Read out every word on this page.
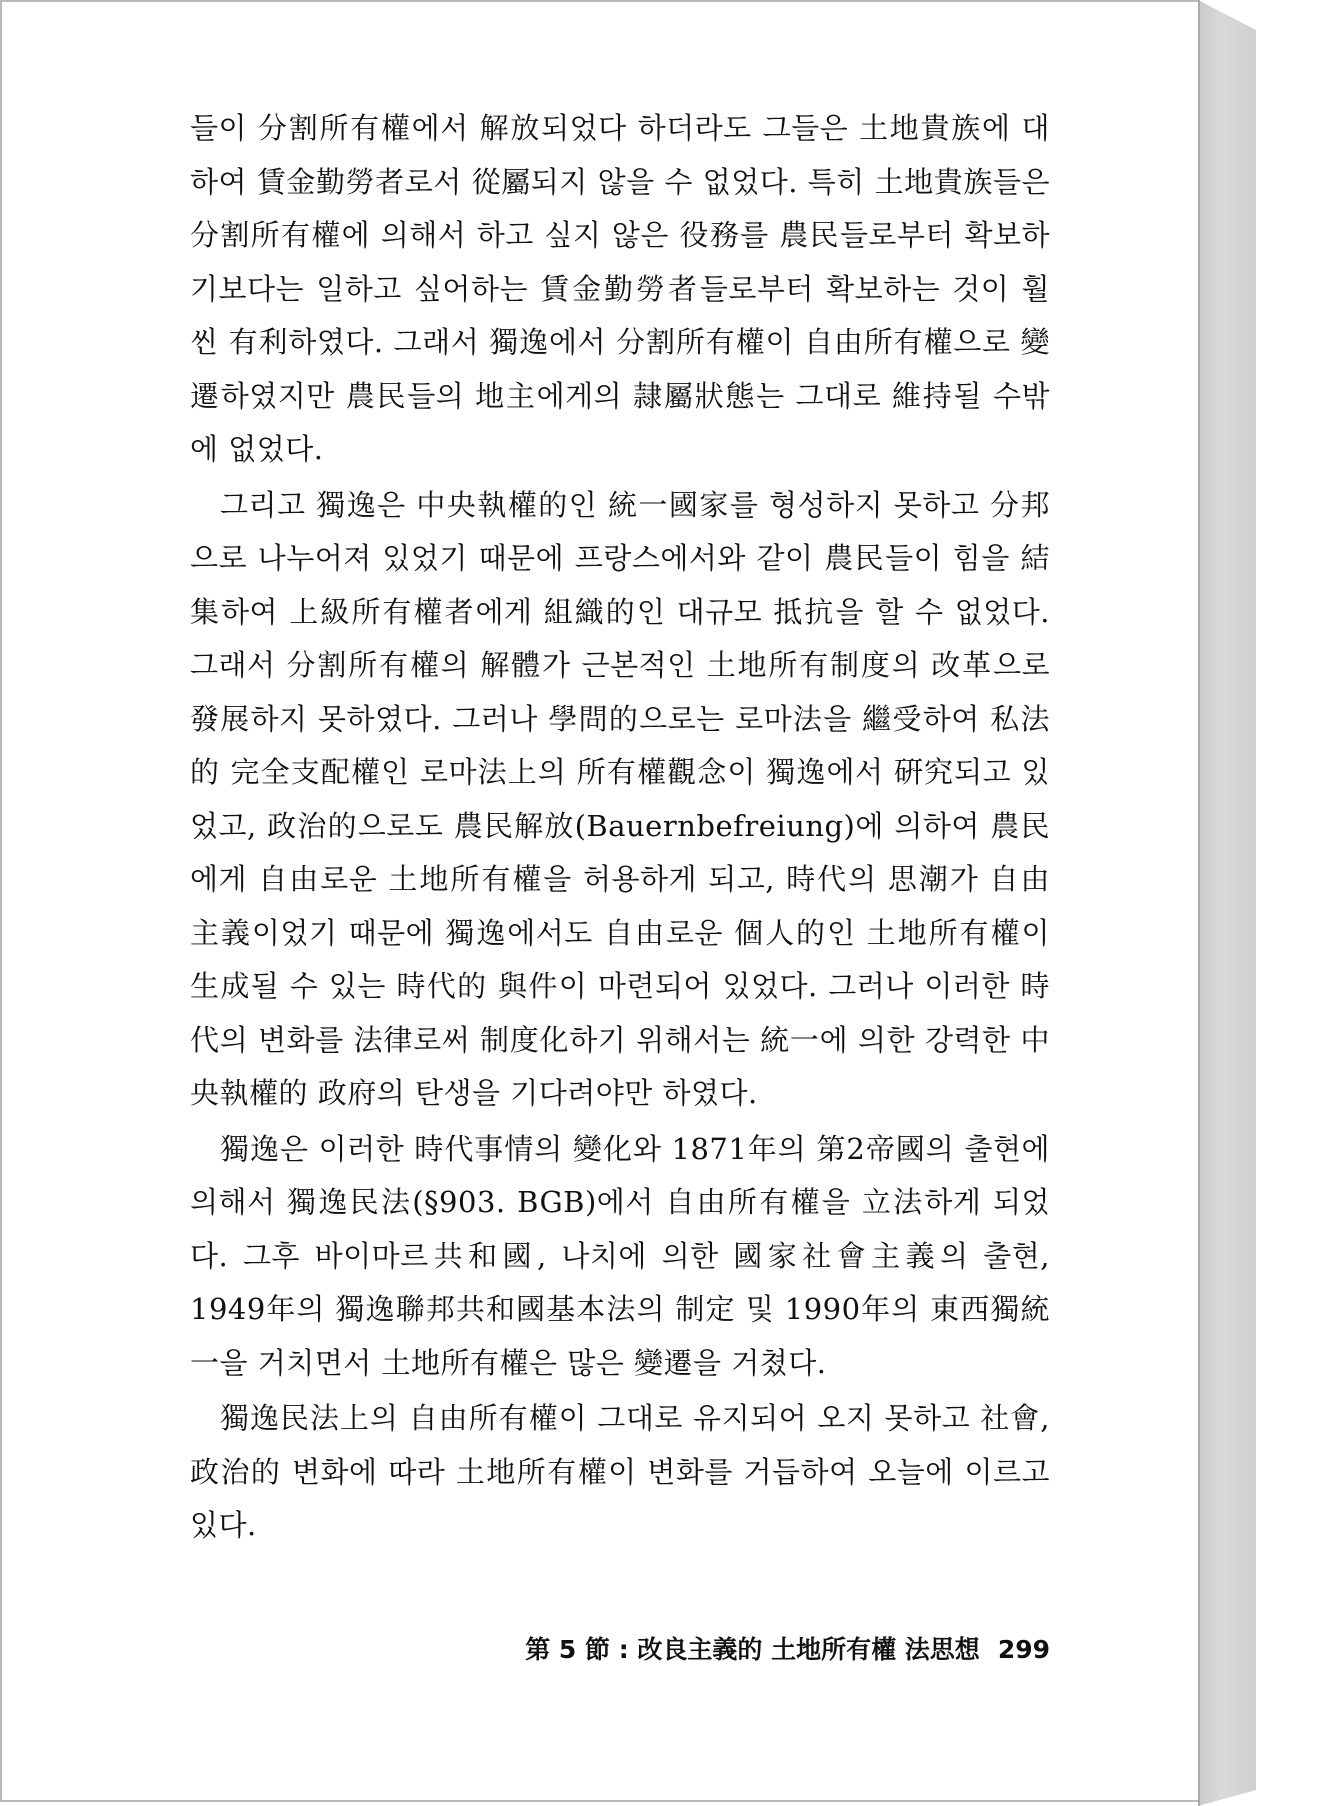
들이 分割所有權에서 解放되었다 하더라도 그들은 土地貴族에 대하여 賃金勤勞者로서 從屬되지 않을 수 없었다. 특히 土地貴族들은 分割所有權에 의해서 하고 싶지 않은 役務를 農民들로부터 확보하기보다는 일하고 싶어하는 賃金勤勞者들로부터 확보하는 것이 훨씬 有利하였다. 그래서 獨逸에서 分割所有權이 自由所有權으로 變遷하였지만 農民들의 地主에게의 隷屬狀態는 그대로 維持될 수밖에 없었다.

그리고 獨逸은 中央執權的인 統一國家를 형성하지 못하고 分邦으로 나누어져 있었기 때문에 프랑스에서와 같이 農民들이 힘을 結集하여 上級所有權者에게 組織的인 대규모 抵抗을 할 수 없었다. 그래서 分割所有權의 解體가 근본적인 土地所有制度의 改革으로 發展하지 못하였다. 그러나 學問的으로는 로마法을 繼受하여 私法的 完全支配權인 로마法上의 所有權觀念이 獨逸에서 硏究되고 있었고, 政治的으로도 農民解放(Bauernbefreiung)에 의하여 農民에게 自由로운 土地所有權을 허용하게 되고, 時代의 思潮가 自由主義이었기 때문에 獨逸에서도 自由로운 個人的인 土地所有權이 生成될 수 있는 時代的 與件이 마련되어 있었다. 그러나 이러한 時代의 변화를 法律로써 制度化하기 위해서는 統一에 의한 강력한 中央執權的 政府의 탄생을 기다려야만 하였다.

獨逸은 이러한 時代事情의 變化와 1871年의 第2帝國의 출현에 의해서 獨逸民法(§903. BGB)에서 自由所有權을 立法하게 되었다. 그후 바이마르共和國, 나치에 의한 國家社會主義의 출현, 1949年의 獨逸聯邦共和國基本法의 制定 및 1990年의 東西獨統一을 거치면서 土地所有權은 많은 變遷을 거쳤다.

獨逸民法上의 自由所有權이 그대로 유지되어 오지 못하고 社會, 政治的 변화에 따라 土地所有權이 변화를 거듭하여 오늘에 이르고 있다.

第 5 節 : 改良主義的 土地所有權 法思想 299
